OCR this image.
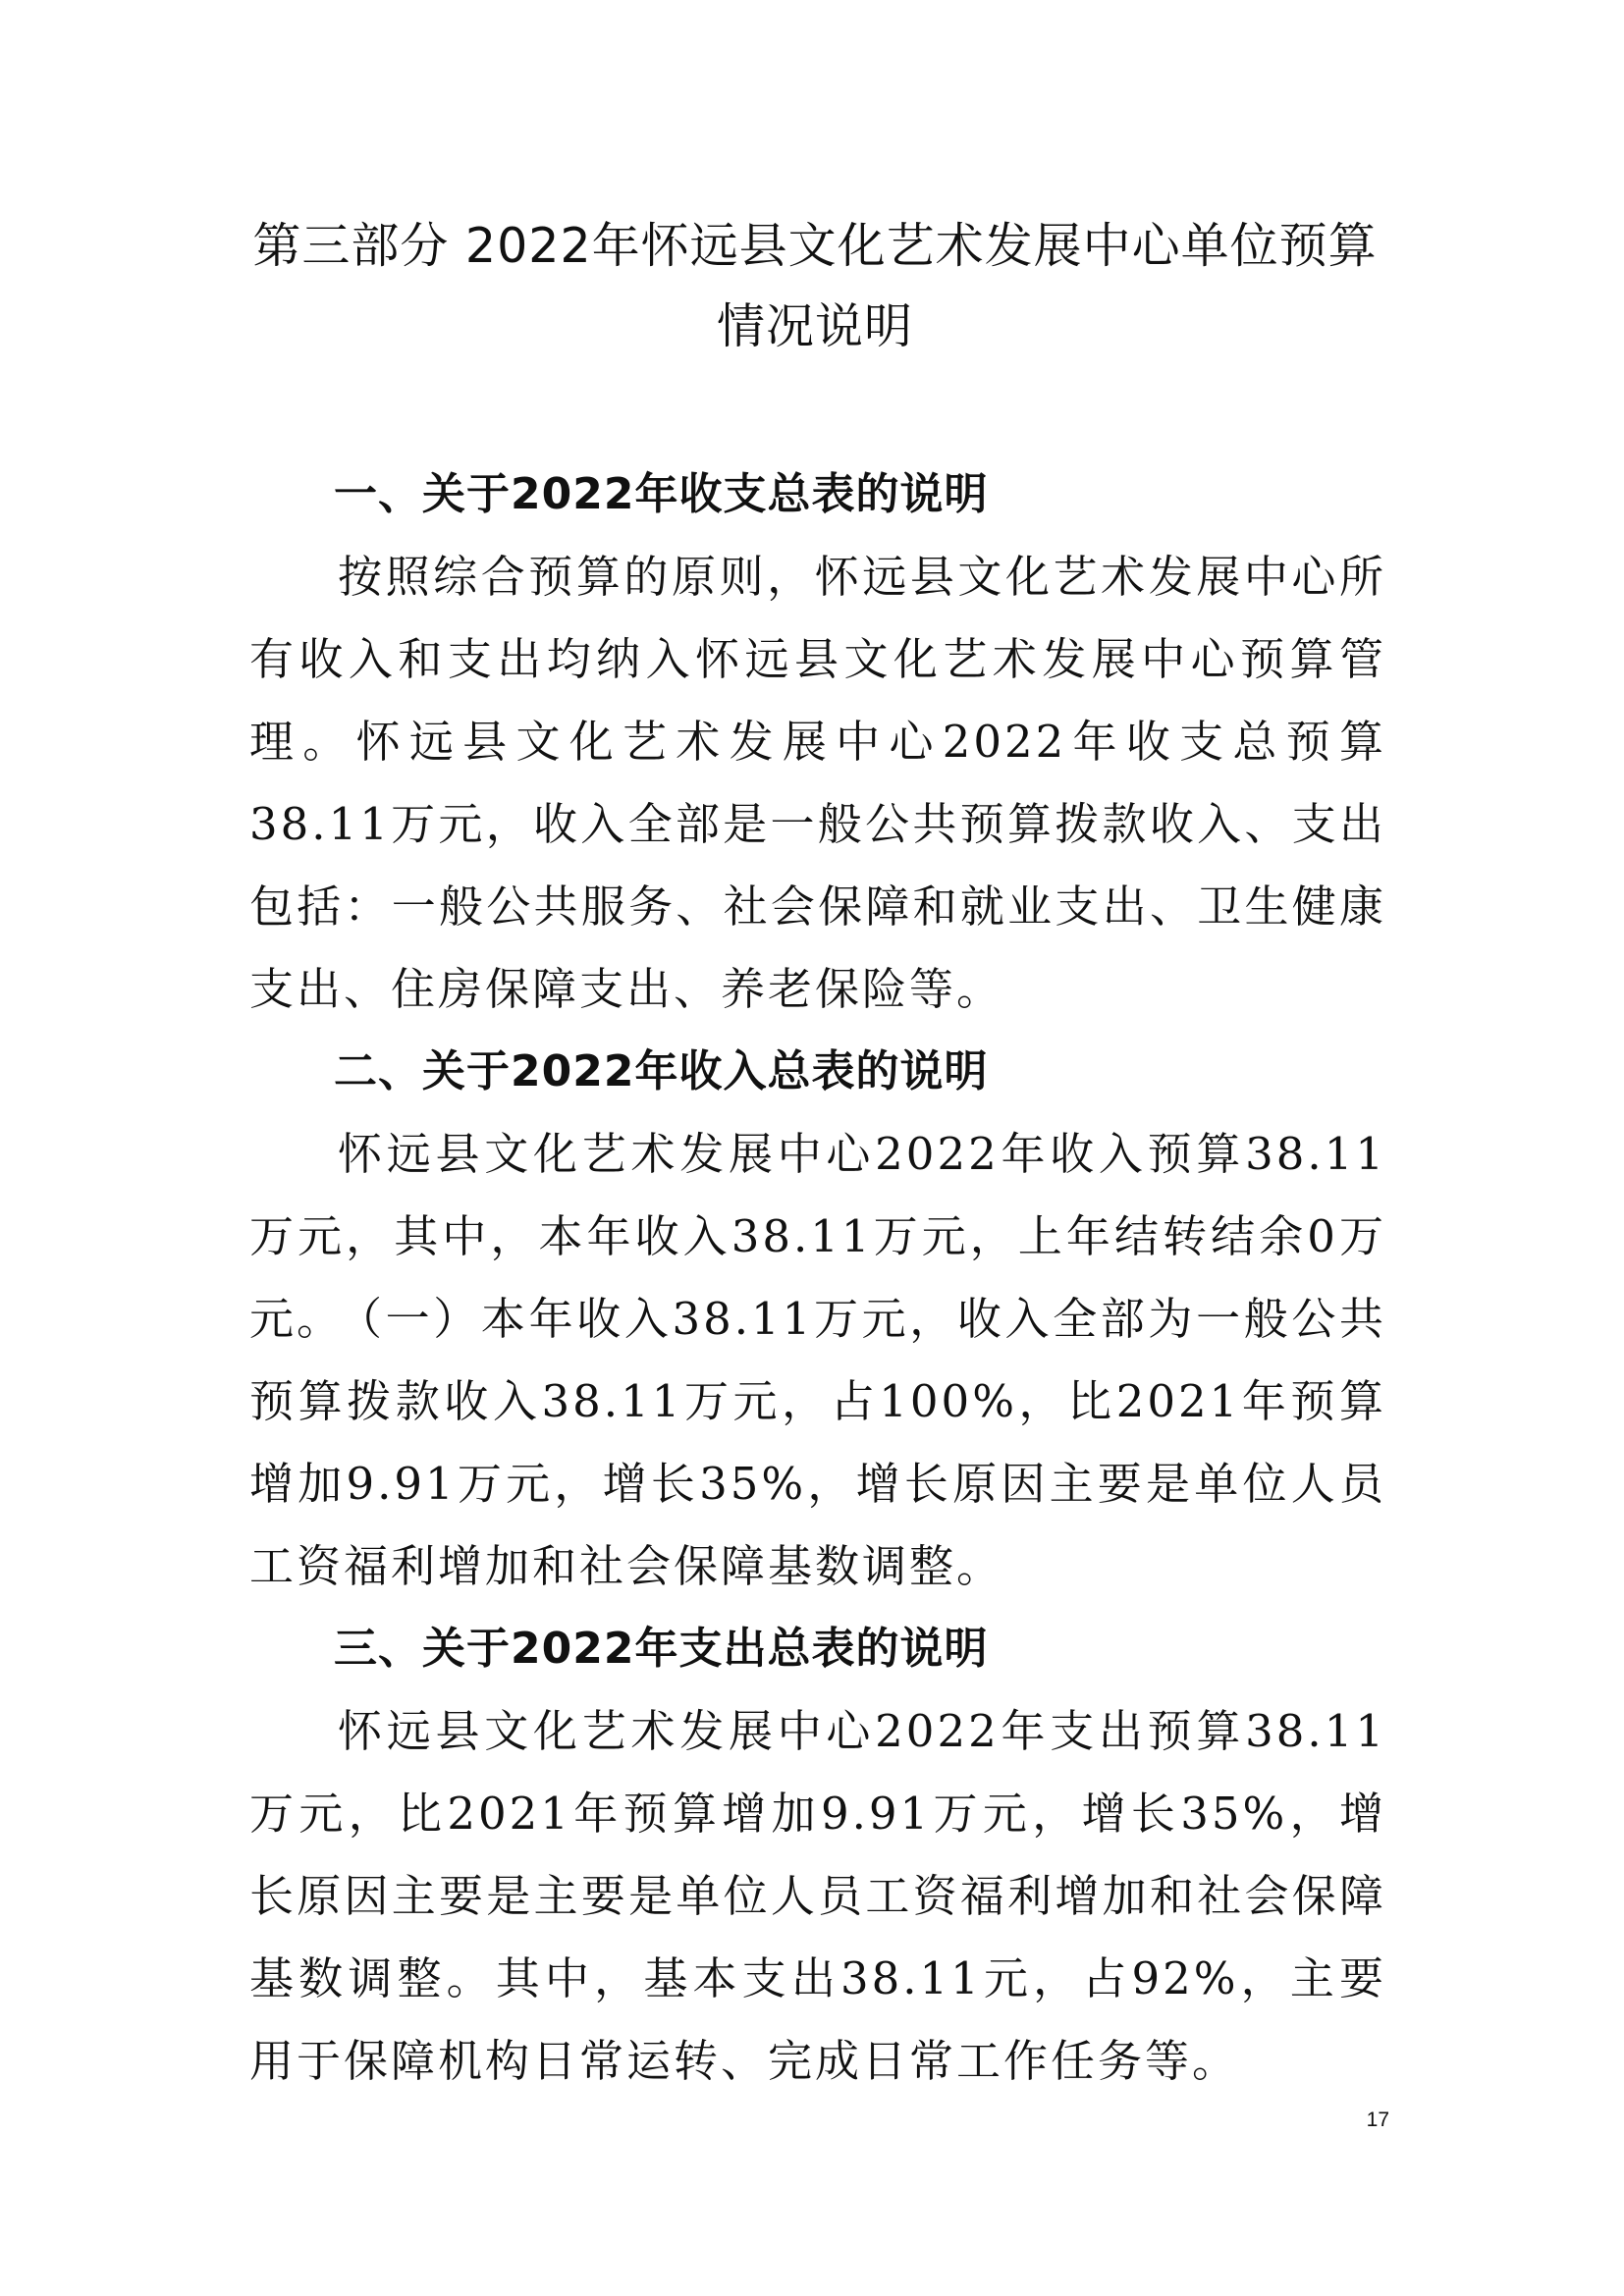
第三部分 2022年怀远县文化艺术发展中心单位预算情况说明
一、关于2022年收支总表的说明

按照综合预算的原则，怀远县文化艺术发展中心所有收入和支出均纳入怀远县文化艺术发展中心预算管理。怀远县文化艺术发展中心2022年收支总预算38.11万元，收入全部是一般公共预算拨款收入、支出包括：一般公共服务、社会保障和就业支出、卫生健康支出、住房保障支出、养老保险等。

二、关于2022年收入总表的说明

怀远县文化艺术发展中心2022年收入预算38.11万元，其中，本年收入38.11万元，上年结转结余0万元。

（一）本年收入38.11万元，收入全部为一般公共预算拨款收入38.11万元，占100%，比2021年预算增加9.91万元，增长35%，增长原因主要是单位人员工资福利增加和社会保障基数调整。

三、关于2022年支出总表的说明

怀远县文化艺术发展中心2022年支出预算38.11万元，比2021年预算增加9.91万元，增长35%，增长原因主要是主要是单位人员工资福利增加和社会保障基数调整。其中，基本支出38.11元，占92%，主要用于保障机构日常运转、完成日常工作任务等。

17
